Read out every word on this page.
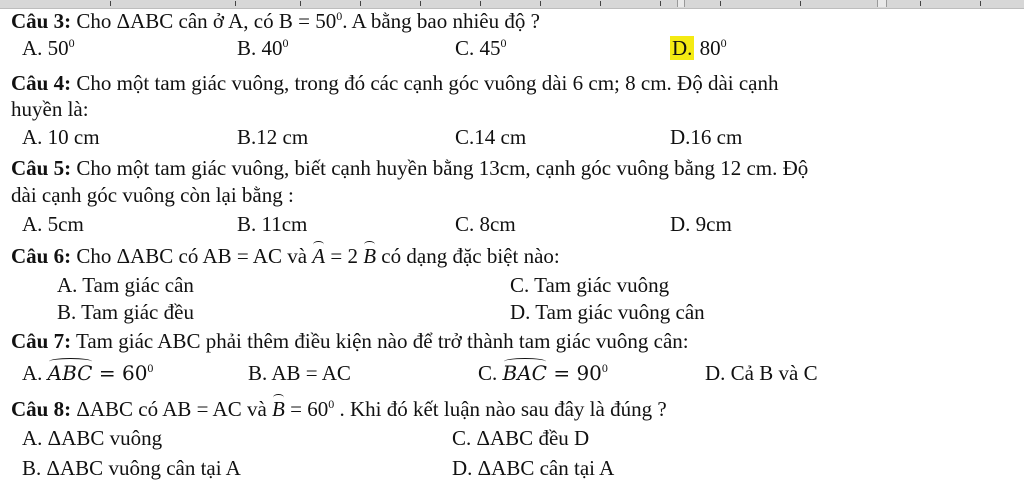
Câu 3: Cho ΔABC cân ở A, có $B = 50^0$. A bằng bao nhiêu độ ?
A. $50^0$	B. $40^0$	C. $45^0$	D. $80^0$
Câu 4: Cho một tam giác vuông, trong đó các cạnh góc vuông dài 6 cm; 8 cm. Độ dài cạnh
huyền là:
A. 10 cm	B.12 cm	C.14 cm	D.16 cm
Câu 5: Cho một tam giác vuông, biết cạnh huyền bằng 13cm, cạnh góc vuông bằng 12 cm. Độ
dài cạnh góc vuông còn lại bằng :
A. 5cm	B. 11cm	C. 8cm	D. 9cm
Câu 6: Cho ΔABC có AB = AC và A = 2 B có dạng đặc biệt nào:
A. Tam giác cân	C. Tam giác vuông
B. Tam giác đều	D. Tam giác vuông cân
Câu 7: Tam giác ABC phải thêm điều kiện nào để trở thành tam giác vuông cân:
A. ABC = $60^0$	B. AB = AC	C. BAC = $90^0$	D. Cả B và C
Câu 8: ΔABC có AB = AC và $B = 60^0$ . Khi đó kết luận nào sau đây là đúng ?
A. ΔABC vuông	C. ΔABC đều D
B. ΔABC vuông cân tại A	D. ΔABC cân tại A
